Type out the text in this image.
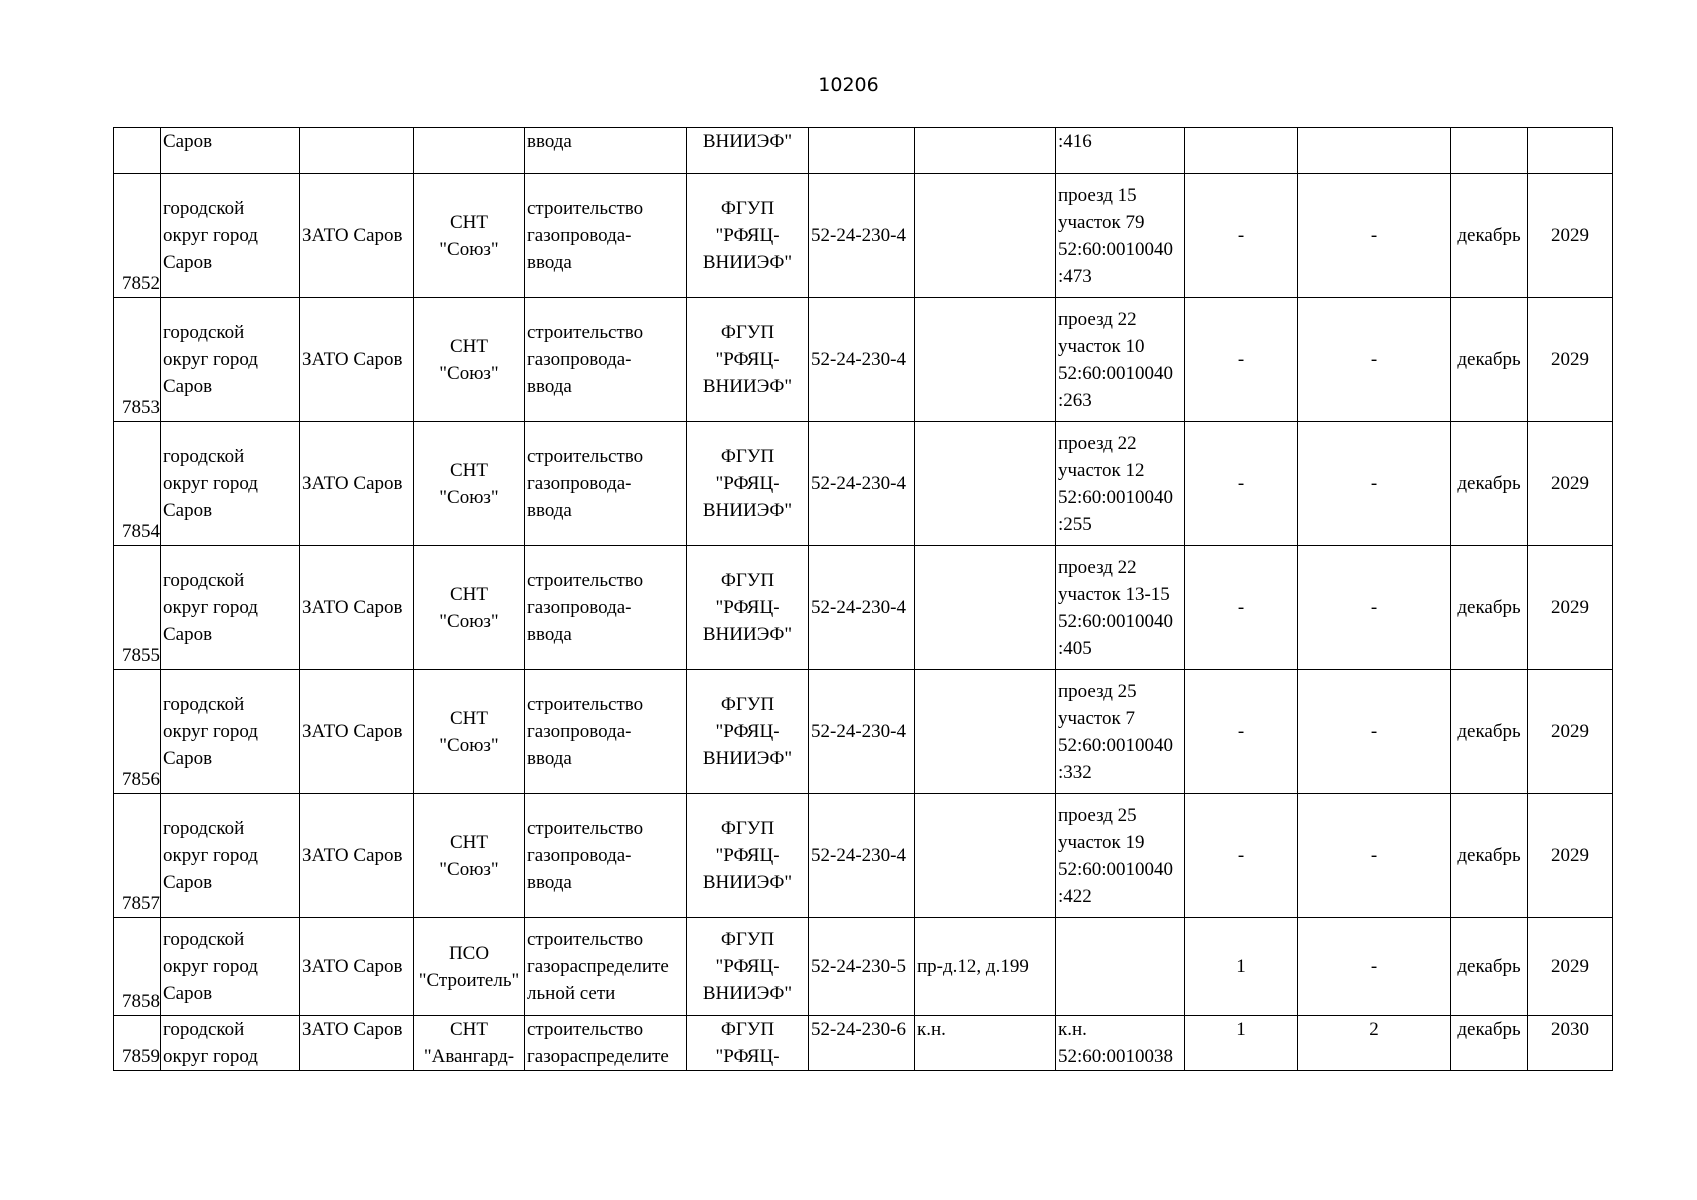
10206

	Саров			ввода	ВНИИЭФ"			:416				

7852	городской
округ город
Саров	ЗАТО Саров	СНТ
"Союз"	строительство
газопровода-
ввода	ФГУП
"РФЯЦ-
ВНИИЭФ"	52-24-230-4		проезд 15
участок 79
52:60:0010040
:473	-	-	декабрь	2029
7853	городской
округ город
Саров	ЗАТО Саров	СНТ
"Союз"	строительство
газопровода-
ввода	ФГУП
"РФЯЦ-
ВНИИЭФ"	52-24-230-4		проезд 22
участок 10
52:60:0010040
:263	-	-	декабрь	2029
7854	городской
округ город
Саров	ЗАТО Саров	СНТ
"Союз"	строительство
газопровода-
ввода	ФГУП
"РФЯЦ-
ВНИИЭФ"	52-24-230-4		проезд 22
участок 12
52:60:0010040
:255	-	-	декабрь	2029
7855	городской
округ город
Саров	ЗАТО Саров	СНТ
"Союз"	строительство
газопровода-
ввода	ФГУП
"РФЯЦ-
ВНИИЭФ"	52-24-230-4		проезд 22
участок 13-15
52:60:0010040
:405	-	-	декабрь	2029
7856	городской
округ город
Саров	ЗАТО Саров	СНТ
"Союз"	строительство
газопровода-
ввода	ФГУП
"РФЯЦ-
ВНИИЭФ"	52-24-230-4		проезд 25
участок 7
52:60:0010040
:332	-	-	декабрь	2029
7857	городской
округ город
Саров	ЗАТО Саров	СНТ
"Союз"	строительство
газопровода-
ввода	ФГУП
"РФЯЦ-
ВНИИЭФ"	52-24-230-4		проезд 25
участок 19
52:60:0010040
:422	-	-	декабрь	2029
7858	городской
округ город
Саров	ЗАТО Саров	ПСО
"Строитель"	строительство
газораспределите
льной сети	ФГУП
"РФЯЦ-
ВНИИЭФ"	52-24-230-5	пр-д.12, д.199		1	-	декабрь	2029
7859	городской
округ город	ЗАТО Саров	СНТ
"Авангард-	строительство
газораспределите	ФГУП
"РФЯЦ-	52-24-230-6	к.н.	к.н.
52:60:0010038	1	2	декабрь	2030
